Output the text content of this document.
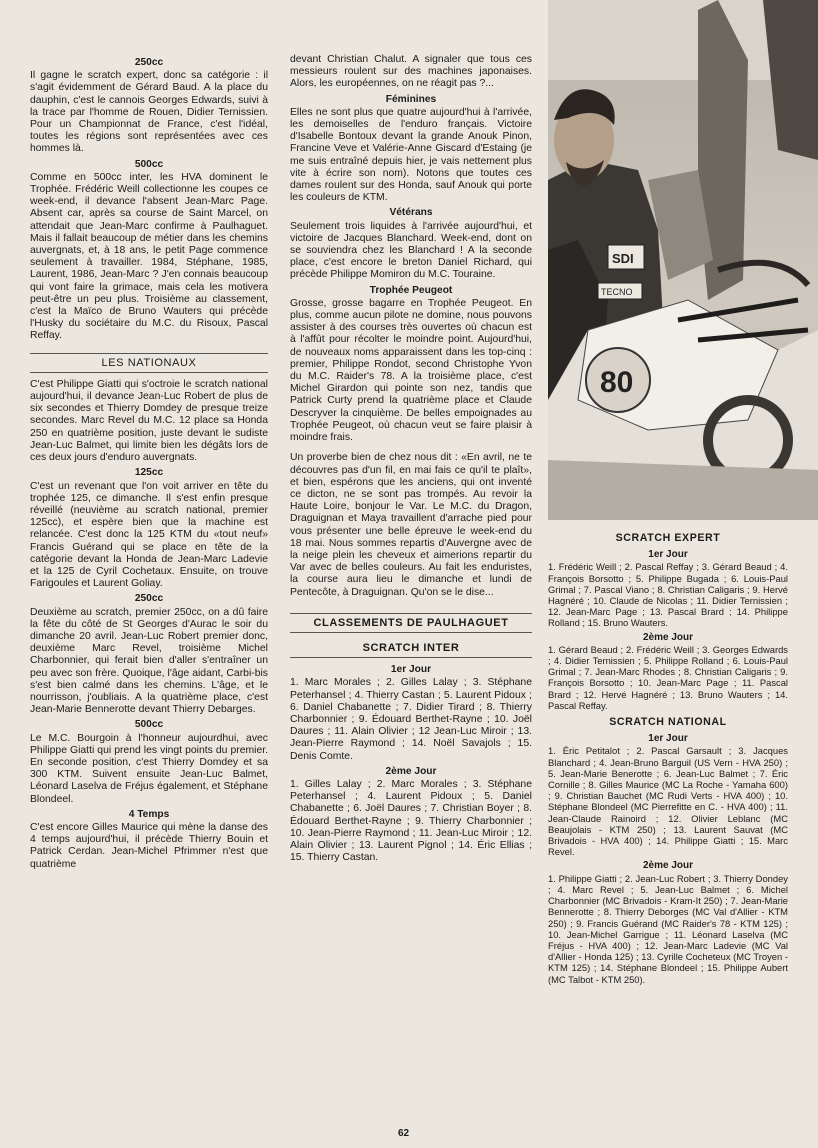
250cc

Il gagne le scratch expert, donc sa catégorie : il s'agit évidemment de Gérard Baud. A la place du dauphin, c'est le cannois Georges Edwards, suivi à la trace par l'homme de Rouen, Didier Ternissien. Pour un Championnat de France, c'est l'idéal, toutes les régions sont représentées avec ces hommes là.

500cc

Comme en 500cc inter, les HVA dominent le Trophée. Frédéric Weill collectionne les coupes ce week-end, il devance l'absent Jean-Marc Page. Absent car, après sa course de Saint Marcel, on attendait que Jean-Marc confirme à Paulhaguet. Mais il fallait beaucoup de métier dans les chemins auvergnats, et, à 18 ans, le petit Page commence seulement à travailler. 1984, Stéphane, 1985, Laurent, 1986, Jean-Marc ? J'en connais beaucoup qui vont faire la grimace, mais cela les motivera peut-être un peu plus. Troisième au classement, c'est la Maïco de Bruno Wauters qui précède l'Husky du sociétaire du M.C. du Risoux, Pascal Reffay.

LES NATIONAUX

C'est Philippe Giatti qui s'octroie le scratch national aujourd'hui, il devance Jean-Luc Robert de plus de six secondes et Thierry Domdey de presque treize secondes. Marc Revel du M.C. 12 place sa Honda 250 en quatrième position, juste devant le sudiste Jean-Luc Balmet, qui limite bien les dégâts lors de ces deux jours d'enduro auvergnats.

125cc

C'est un revenant que l'on voit arriver en tête du trophée 125, ce dimanche. Il s'est enfin presque réveillé (neuvième au scratch national, premier 125cc), et espère bien que la machine est relancée. C'est donc la 125 KTM du «tout neuf» Francis Guérand qui se place en tête de la catégorie devant la Honda de Jean-Marc Ladevie et la 125 de Cyril Cochetaux. Ensuite, on trouve Farigoules et Laurent Goliay.

250cc

Deuxième au scratch, premier 250cc, on a dû faire la fête du côté de St Georges d'Aurac le soir du dimanche 20 avril. Jean-Luc Robert premier donc, deuxième Marc Revel, troisième Michel Charbonnier, qui ferait bien d'aller s'entraîner un peu avec son frère. Quoique, l'âge aidant, Carbi-bis s'est bien calmé dans les chemins. L'âge, et le nourrisson, j'oubliais. A la quatrième place, c'est Jean-Marie Bennerotte devant Thierry Debarges.

500cc

Le M.C. Bourgoin à l'honneur aujourdhui, avec Philippe Giatti qui prend les vingt points du premier. En seconde position, c'est Thierry Domdey et sa 300 KTM. Suivent ensuite Jean-Luc Balmet, Léonard Laselva de Fréjus également, et Stéphane Blondeel.

4 Temps

C'est encore Gilles Maurice qui mène la danse des 4 temps aujourd'hui, il précède Thierry Bouin et Patrick Cerdan. Jean-Michel Pfrimmer n'est que quatrième

devant Christian Chalut. A signaler que tous ces messieurs roulent sur des machines japonaises. Alors, les européennes, on ne réagit pas ?...

Féminines

Elles ne sont plus que quatre aujourd'hui à l'arrivée, les demoiselles de l'enduro français. Victoire d'Isabelle Bontoux devant la grande Anouk Pinon, Francine Veve et Valérie-Anne Giscard d'Estaing (je me suis entraîné depuis hier, je vais nettement plus vite à écrire son nom). Notons que toutes ces dames roulent sur des Honda, sauf Anouk qui porte les couleurs de KTM.

Vétérans

Seulement trois liquides à l'arrivée aujourd'hui, et victoire de Jacques Blanchard. Week-end, dont on se souviendra chez les Blanchard ! A la seconde place, c'est encore le breton Daniel Richard, qui précède Philippe Momiron du M.C. Touraine.

Trophée Peugeot

Grosse, grosse bagarre en Trophée Peugeot. En plus, comme aucun pilote ne domine, nous pouvons assister à des courses très ouvertes où chacun est à l'affût pour récolter le moindre point. Aujourd'hui, de nouveaux noms apparaissent dans les top-cinq : premier, Philippe Rondot, second Christophe Yvon du M.C. Raider's 78. A la troisième place, c'est Michel Girardon qui pointe son nez, tandis que Patrick Curty prend la quatrième place et Claude Descryver la cinquième. De belles empoignades au Trophée Peugeot, où chacun veut se faire plaisir à moindre frais.

Un proverbe bien de chez nous dit : «En avril, ne te découvres pas d'un fil, en mai fais ce qu'il te plaît», et bien, espérons que les anciens, qui ont inventé ce dicton, ne se sont pas trompés. Au revoir la Haute Loire, bonjour le Var. Le M.C. du Dragon, Draguignan et Maya travaillent d'arrache pied pour vous présenter une belle épreuve le week-end du 18 mai. Nous sommes repartis d'Auvergne avec de la neige plein les cheveux et aimerions repartir du Var avec de belles couleurs. Au fait les enduristes, la course aura lieu le dimanche et lundi de Pentecôte, à Draguignan. Qu'on se le dise...

CLASSEMENTS DE PAULHAGUET
SCRATCH INTER
1er Jour

1. Marc Morales ; 2. Gilles Lalay ; 3. Stéphane Peterhansel ; 4. Thierry Castan ; 5. Laurent Pidoux ; 6. Daniel Chabanette ; 7. Didier Tirard ; 8. Thierry Charbonnier ; 9. Édouard Berthet-Rayne ; 10. Joël Daures ; 11. Alain Olivier ; 12 Jean-Luc Miroir ; 13. Jean-Pierre Raymond ; 14. Noël Savajols ; 15. Denis Comte.

2ème Jour

1. Gilles Lalay ; 2. Marc Morales ; 3. Stéphane Peterhansel ; 4. Laurent Pidoux ; 5. Daniel Chabanette ; 6. Joël Daures ; 7. Christian Boyer ; 8. Édouard Berthet-Rayne ; 9. Thierry Charbonnier ; 10. Jean-Pierre Raymond ; 11. Jean-Luc Miroir ; 12. Alain Olivier ; 13. Laurent Pignol ; 14. Éric Ellias ; 15. Thierry Castan.

SDI
TECNO
80
SCRATCH EXPERT
1er Jour

1. Frédéric Weill ; 2. Pascal Reffay ; 3. Gérard Beaud ; 4. François Borsotto ; 5. Philippe Bugada ; 6. Louis-Paul Grimal ; 7. Pascal Viano ; 8. Christian Caligaris ; 9. Hervé Hagnéré ; 10. Claude de Nicolas ; 11. Didier Ternissien ; 12. Jean-Marc Page ; 13. Pascal Brard ; 14. Philippe Rolland ; 15. Bruno Wauters.

2ème Jour

1. Gérard Beaud ; 2. Frédéric Weill ; 3. Georges Edwards ; 4. Didier Ternissien ; 5. Philippe Rolland ; 6. Louis-Paul Grimal ; 7. Jean-Marc Rhodes ; 8. Christian Caligaris ; 9. François Borsotto ; 10. Jean-Marc Page ; 11. Pascal Brard ; 12. Hervé Hagnéré ; 13. Bruno Wauters ; 14. Pascal Reffay.

SCRATCH NATIONAL
1er Jour

1. Éric Petitalot ; 2. Pascal Garsault ; 3. Jacques Blanchard ; 4. Jean-Bruno Barguil (US Vern - HVA 250) ; 5. Jean-Marie Benerotte ; 6. Jean-Luc Balmet ; 7. Éric Cornille ; 8. Gilles Maurice (MC La Roche - Yamaha 600) ; 9. Christian Bauchet (MC Rudi Verts - HVA 400) ; 10. Stéphane Blondeel (MC Pierrefitte en C. - HVA 400) ; 11. Jean-Claude Rainoird ; 12. Olivier Leblanc (MC Beaujolais - KTM 250) ; 13. Laurent Sauvat (MC Brivadois - HVA 400) ; 14. Philippe Giatti ; 15. Marc Revel.

2ème Jour

1. Philippe Giatti ; 2. Jean-Luc Robert ; 3. Thierry Dondey ; 4. Marc Revel ; 5. Jean-Luc Balmet ; 6. Michel Charbonnier (MC Brivadois - Kram-It 250) ; 7. Jean-Marie Bennerotte ; 8. Thierry Deborges (MC Val d'Allier - KTM 250) ; 9. Francis Guérand (MC Raider's 78 - KTM 125) ; 10. Jean-Michel Garrigue ; 11. Léonard Laselva (MC Fréjus - HVA 400) ; 12. Jean-Marc Ladevie (MC Val d'Allier - Honda 125) ; 13. Cyrille Cocheteux (MC Troyen - KTM 125) ; 14. Stéphane Blondeel ; 15. Philippe Aubert (MC Talbot - KTM 250).

62
